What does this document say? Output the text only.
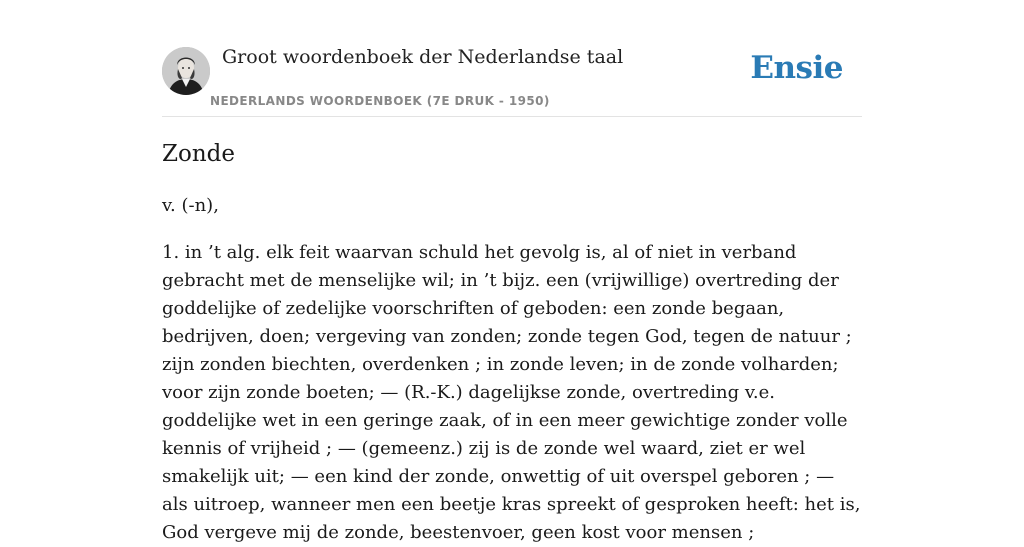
Groot woordenboek der Nederlandse taal	Ensie
NEDERLANDS WOORDENBOEK (7E DRUK - 1950)
Zonde

v. (-n),

1. in ’t alg. elk feit waarvan schuld het gevolg is, al of niet in verband gebracht met de menselijke wil; in ’t bijz. een (vrijwillige) overtreding der goddelijke of zedelijke voorschriften of geboden: een zonde begaan, bedrijven, doen; vergeving van zonden; zonde tegen God, tegen de natuur ; zijn zonden biechten, overdenken ; in zonde leven; in de zonde volharden; voor zijn zonde boeten; — (R.-K.) dagelijkse zonde, overtreding v.e. goddelijke wet in een geringe zaak, of in een meer gewichtige zonder volle kennis of vrijheid ; — (gemeenz.) zij is de zonde wel waard, ziet er wel smakelijk uit; — een kind der zonde, onwettig of uit overspel geboren ; — als uitroep, wanneer men een beetje kras spreekt of gesproken heeft: het is, God vergeve mij de zonde, beestenvoer, geen kost voor mensen ;
